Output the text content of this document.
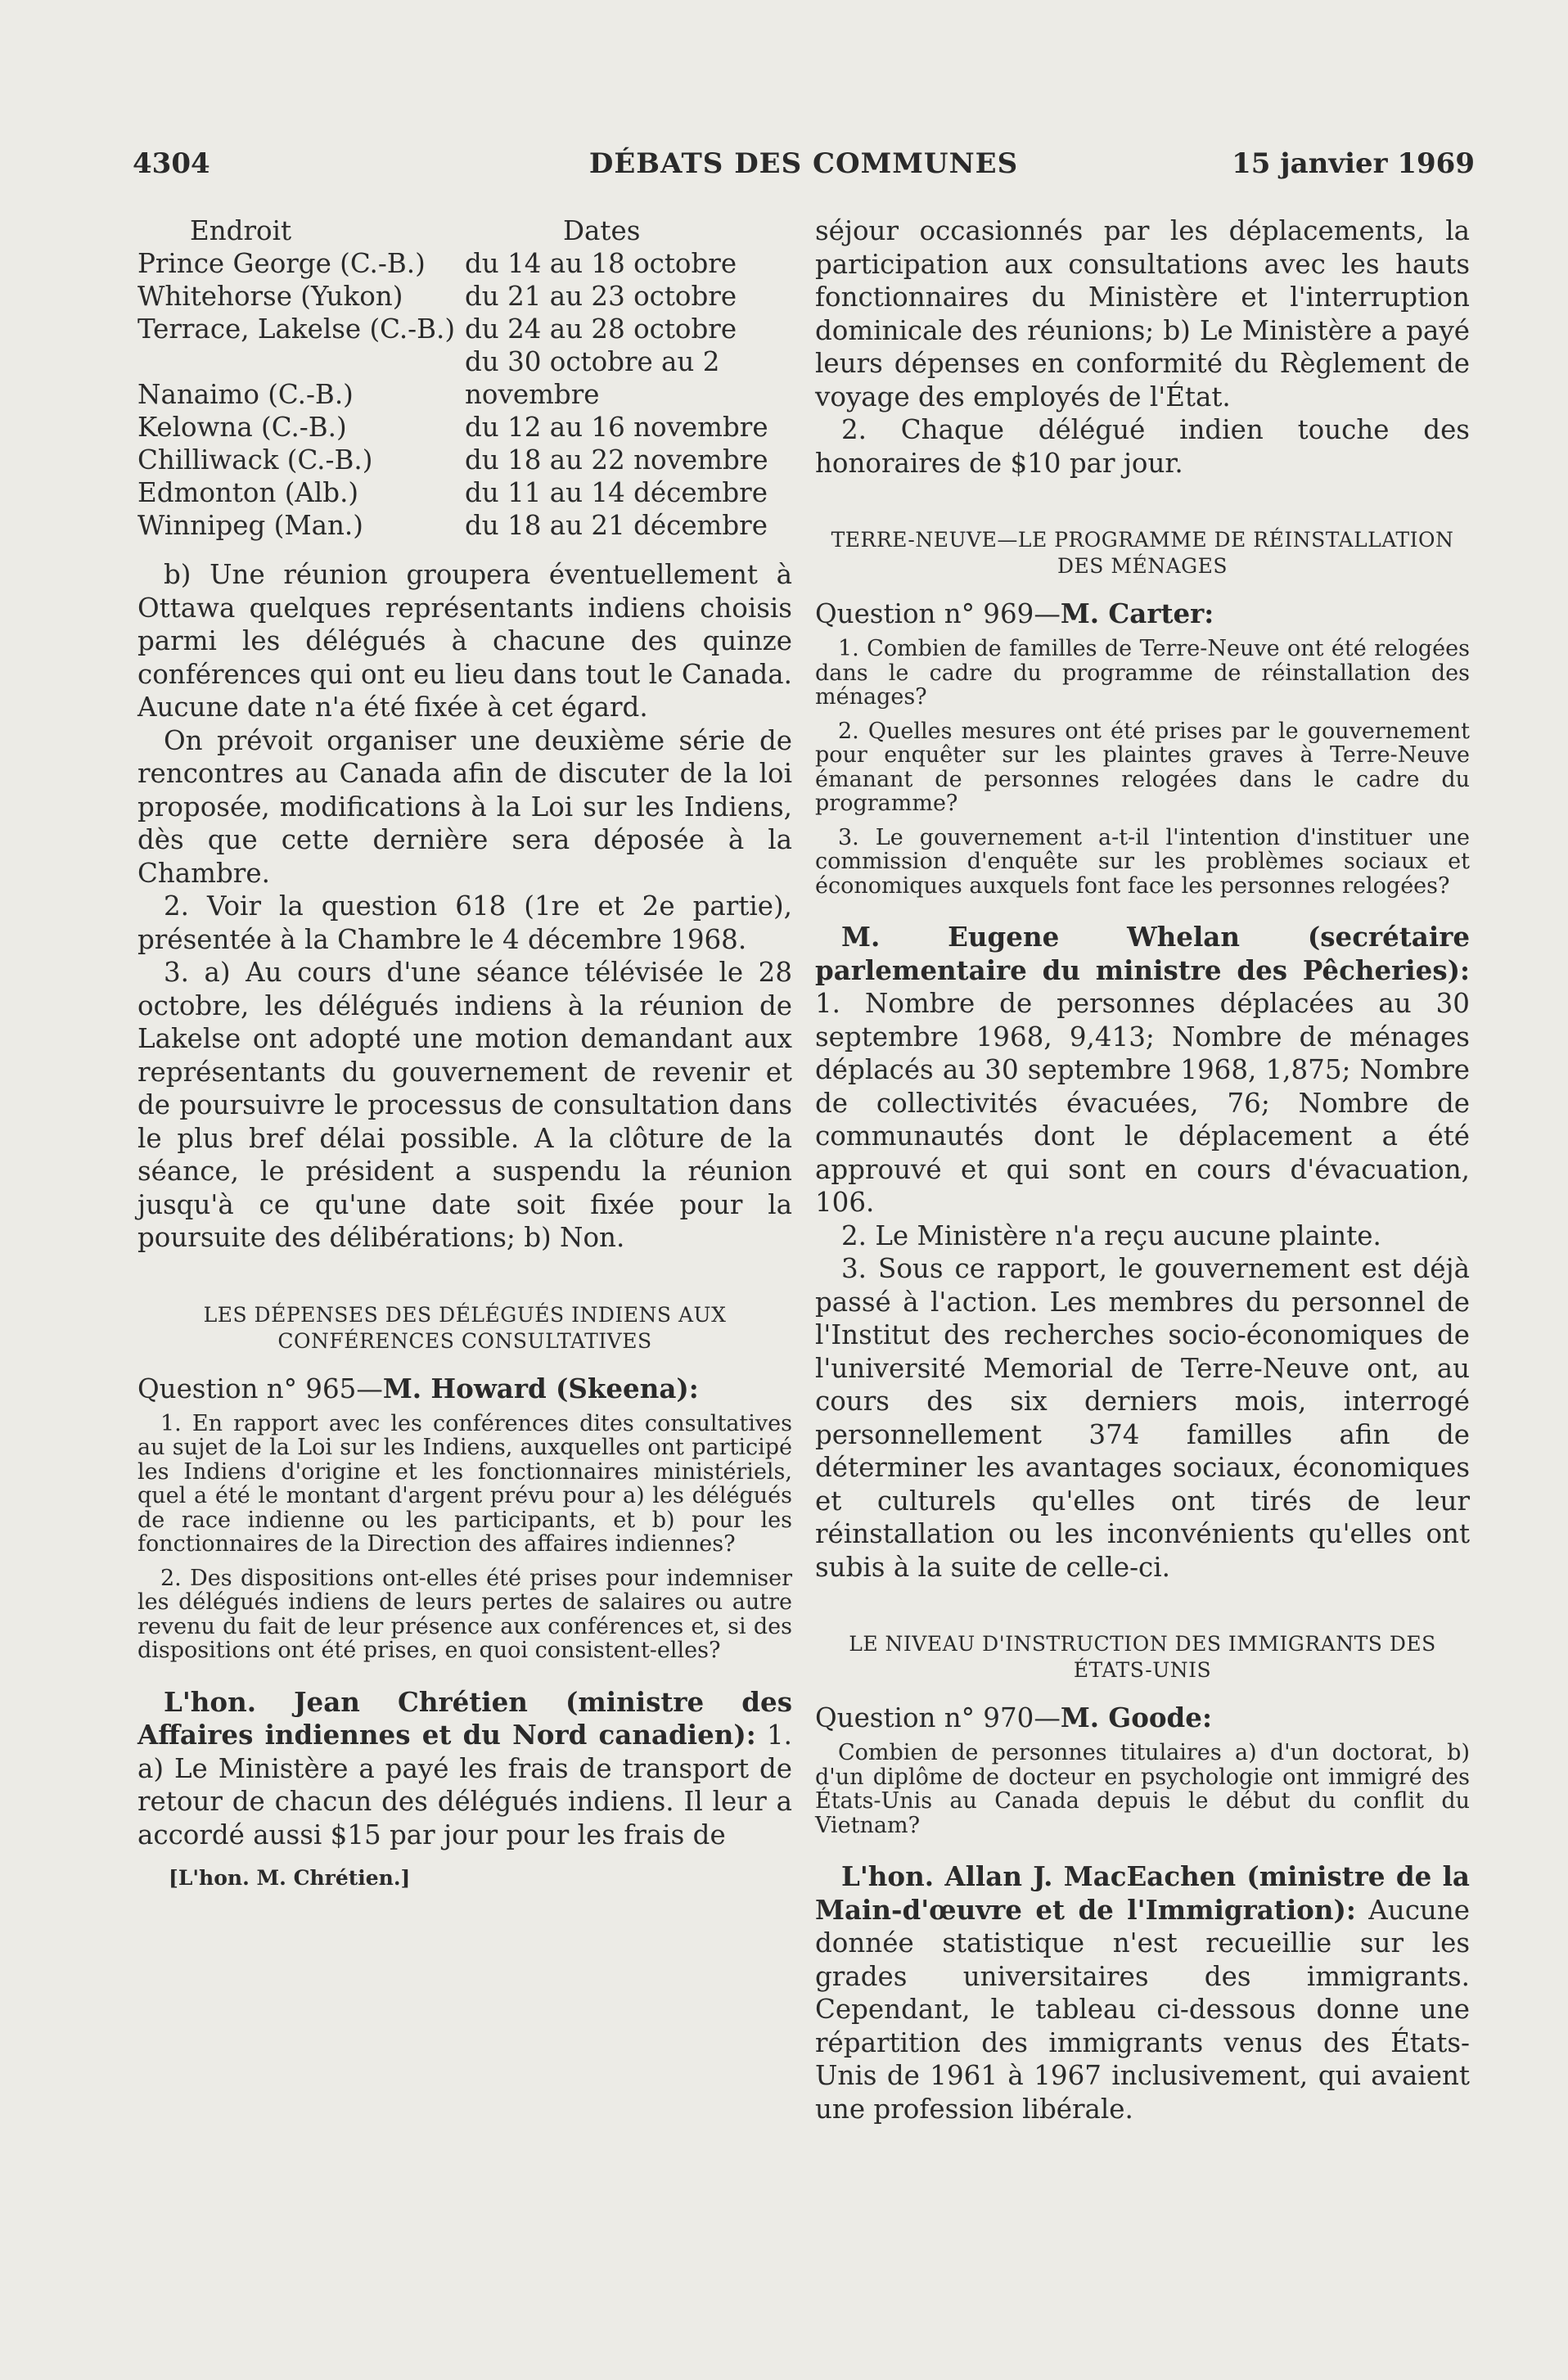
DÉBATS DES COMMUNES
4304	15 janvier 1969
Endroit	Dates
Prince George (C.-B.)	du 14 au 18 octobre
Whitehorse (Yukon)	du 21 au 23 octobre
Terrace, Lakelse (C.-B.)	du 24 au 28 octobre
Nanaimo (C.-B.)	du 30 octobre au 2 novembre
Kelowna (C.-B.)	du 12 au 16 novembre
Chilliwack (C.-B.)	du 18 au 22 novembre
Edmonton (Alb.)	du 11 au 14 décembre
Winnipeg (Man.)	du 18 au 21 décembre

b) Une réunion groupera éventuellement à Ottawa quelques représentants indiens choisis parmi les délégués à chacune des quinze conférences qui ont eu lieu dans tout le Canada. Aucune date n'a été fixée à cet égard.

On prévoit organiser une deuxième série de rencontres au Canada afin de discuter de la loi proposée, modifications à la Loi sur les Indiens, dès que cette dernière sera déposée à la Chambre.

2. Voir la question 618 (1re et 2e partie), présentée à la Chambre le 4 décembre 1968.

3. a) Au cours d'une séance télévisée le 28 octobre, les délégués indiens à la réunion de Lakelse ont adopté une motion demandant aux représentants du gouvernement de revenir et de poursuivre le processus de consultation dans le plus bref délai possible. A la clôture de la séance, le président a suspendu la réunion jusqu'à ce qu'une date soit fixée pour la poursuite des délibérations; b) Non.

LES DÉPENSES DES DÉLÉGUÉS INDIENS AUX CONFÉRENCES CONSULTATIVES

Question n° 965—M. Howard (Skeena):

1. En rapport avec les conférences dites consultatives au sujet de la Loi sur les Indiens, auxquelles ont participé les Indiens d'origine et les fonctionnaires ministériels, quel a été le montant d'argent prévu pour a) les délégués de race indienne ou les participants, et b) pour les fonctionnaires de la Direction des affaires indiennes?

2. Des dispositions ont-elles été prises pour indemniser les délégués indiens de leurs pertes de salaires ou autre revenu du fait de leur présence aux conférences et, si des dispositions ont été prises, en quoi consistent-elles?

L'hon. Jean Chrétien (ministre des Affaires indiennes et du Nord canadien): 1. a) Le Ministère a payé les frais de transport de retour de chacun des délégués indiens. Il leur a accordé aussi $15 par jour pour les frais de

[L'hon. M. Chrétien.]

séjour occasionnés par les déplacements, la participation aux consultations avec les hauts fonctionnaires du Ministère et l'interruption dominicale des réunions; b) Le Ministère a payé leurs dépenses en conformité du Règlement de voyage des employés de l'État.

2. Chaque délégué indien touche des honoraires de $10 par jour.

TERRE-NEUVE—LE PROGRAMME DE RÉINSTALLATION DES MÉNAGES

Question n° 969—M. Carter:

1. Combien de familles de Terre-Neuve ont été relogées dans le cadre du programme de réinstallation des ménages?

2. Quelles mesures ont été prises par le gouvernement pour enquêter sur les plaintes graves à Terre-Neuve émanant de personnes relogées dans le cadre du programme?

3. Le gouvernement a-t-il l'intention d'instituer une commission d'enquête sur les problèmes sociaux et économiques auxquels font face les personnes relogées?

M. Eugene Whelan (secrétaire parlementaire du ministre des Pêcheries): 1. Nombre de personnes déplacées au 30 septembre 1968, 9,413; Nombre de ménages déplacés au 30 septembre 1968, 1,875; Nombre de collectivités évacuées, 76; Nombre de communautés dont le déplacement a été approuvé et qui sont en cours d'évacuation, 106.

2. Le Ministère n'a reçu aucune plainte.

3. Sous ce rapport, le gouvernement est déjà passé à l'action. Les membres du personnel de l'Institut des recherches socio-économiques de l'université Memorial de Terre-Neuve ont, au cours des six derniers mois, interrogé personnellement 374 familles afin de déterminer les avantages sociaux, économiques et culturels qu'elles ont tirés de leur réinstallation ou les inconvénients qu'elles ont subis à la suite de celle-ci.

LE NIVEAU D'INSTRUCTION DES IMMIGRANTS DES ÉTATS-UNIS

Question n° 970—M. Goode:

Combien de personnes titulaires a) d'un doctorat, b) d'un diplôme de docteur en psychologie ont immigré des États-Unis au Canada depuis le début du conflit du Vietnam?

L'hon. Allan J. MacEachen (ministre de la Main-d'œuvre et de l'Immigration): Aucune donnée statistique n'est recueillie sur les grades universitaires des immigrants. Cependant, le tableau ci-dessous donne une répartition des immigrants venus des États-Unis de 1961 à 1967 inclusivement, qui avaient une profession libérale.
